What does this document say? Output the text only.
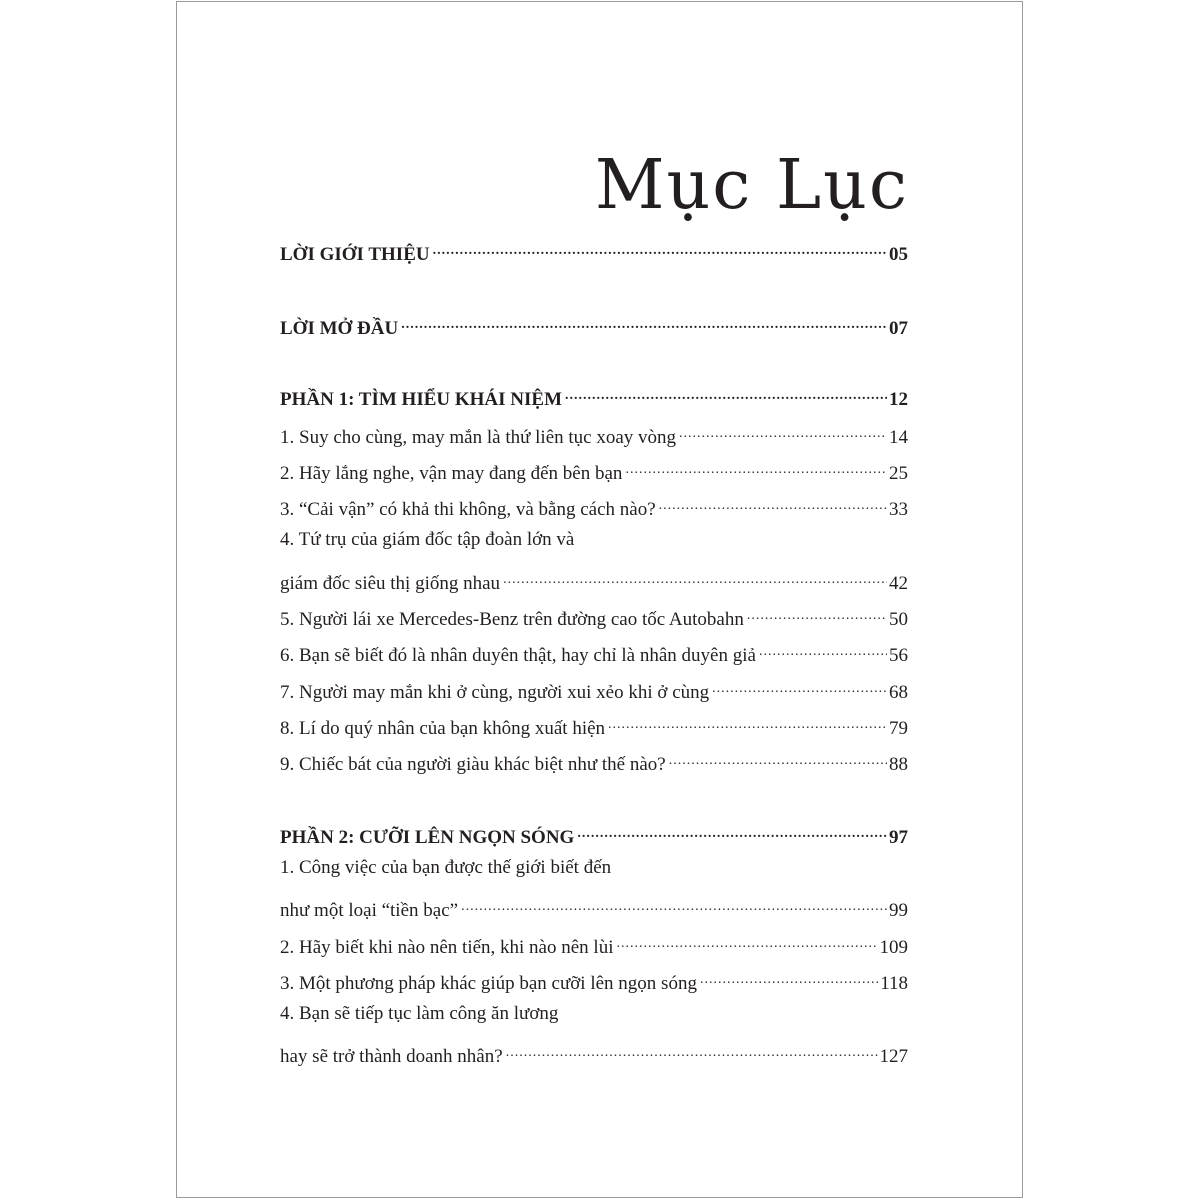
Mục Lục
LỜI GIỚI THIỆU .....	05
LỜI MỞ ĐẦU .....	07
PHẦN 1: TÌM HIỂU KHÁI NIỆM .....	12
1. Suy cho cùng, may mắn là thứ liên tục xoay vòng .....	14
2. Hãy lắng nghe, vận may đang đến bên bạn .....	25
3. “Cải vận” có khả thi không, và bằng cách nào? .....	33
4. Tứ trụ của giám đốc tập đoàn lớn và
giám đốc siêu thị giống nhau .....	42
5. Người lái xe Mercedes-Benz trên đường cao tốc Autobahn .....	50
6. Bạn sẽ biết đó là nhân duyên thật, hay chỉ là nhân duyên giả .....	56
7. Người may mắn khi ở cùng, người xui xẻo khi ở cùng .....	68
8. Lí do quý nhân của bạn không xuất hiện .....	79
9. Chiếc bát của người giàu khác biệt như thế nào? .....	88
PHẦN 2: CƯỠI LÊN NGỌN SÓNG .....	97
1. Công việc của bạn được thế giới biết đến
như một loại “tiền bạc” .....	99
2. Hãy biết khi nào nên tiến, khi nào nên lùi .....	109
3. Một phương pháp khác giúp bạn cưỡi lên ngọn sóng .....	118
4. Bạn sẽ tiếp tục làm công ăn lương
hay sẽ trở thành doanh nhân? .....	127
